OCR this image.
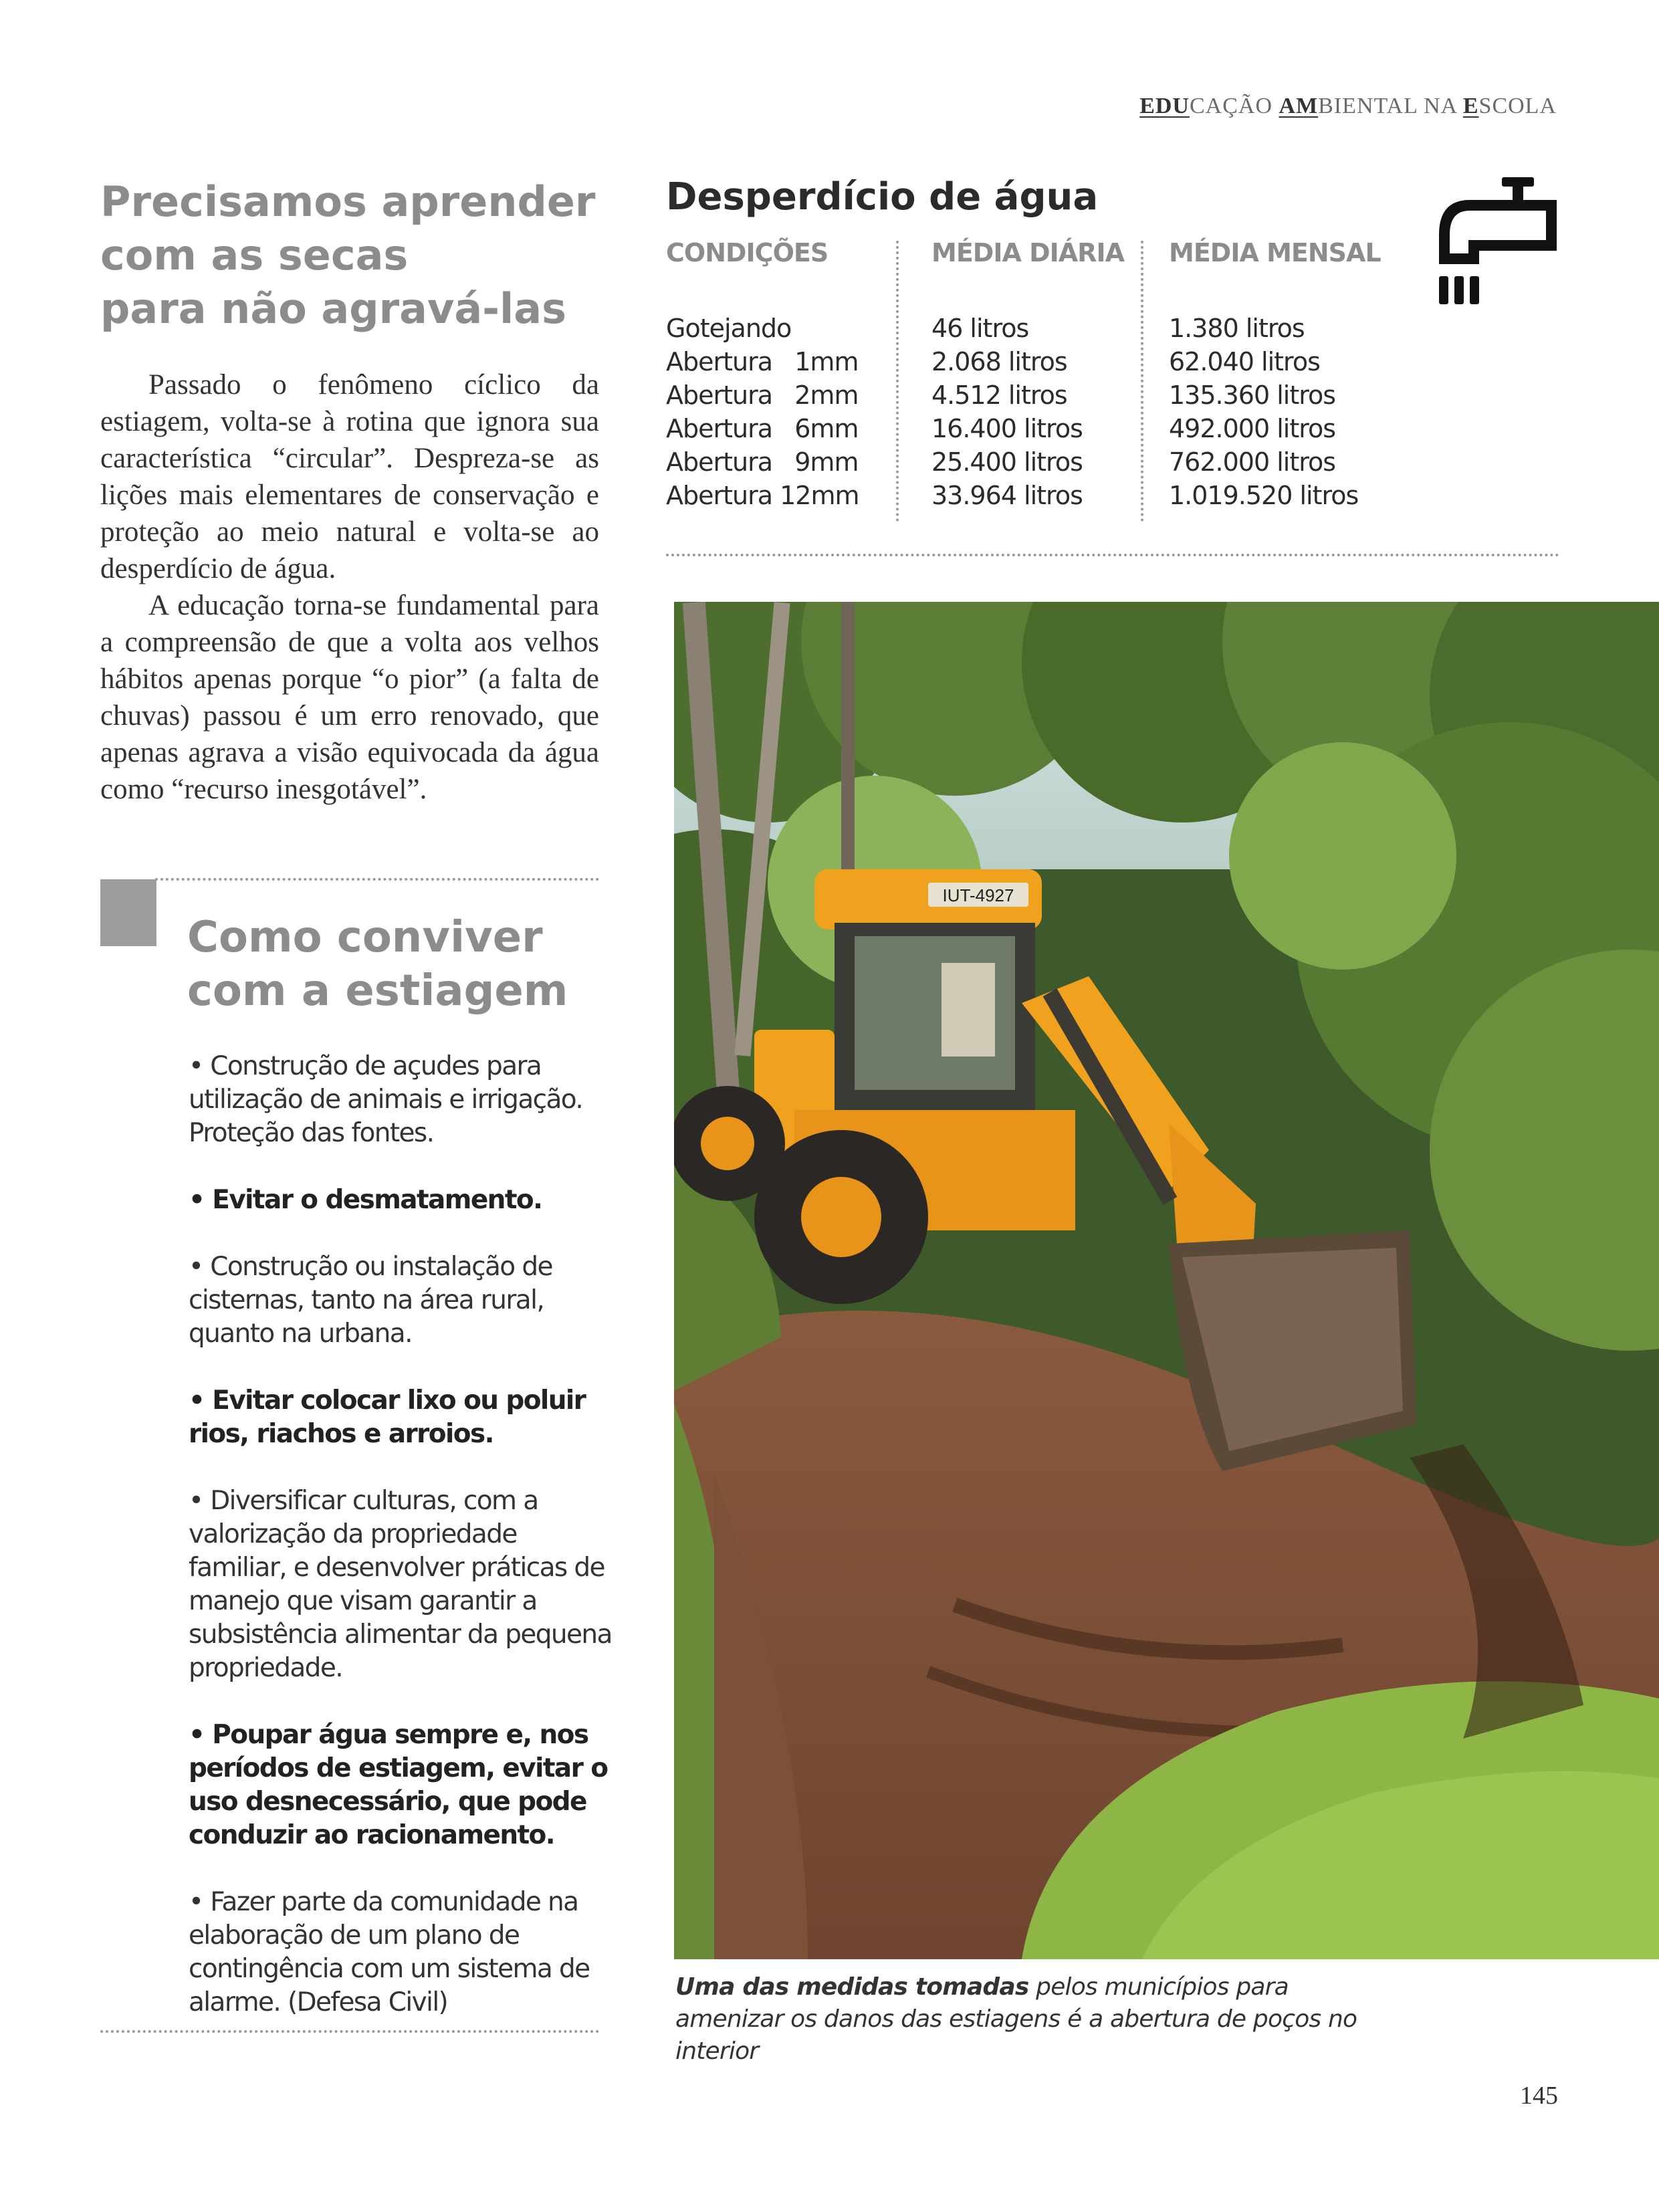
EDUCAÇÃO AMBIENTAL NA ESCOLA
Precisamos aprender
com as secas
para não agravá-las

Passado o fenômeno cíclico da estiagem, volta-se à rotina que ignora sua característica “circular”. Despreza-se as lições mais elementares de conservação e proteção ao meio natural e volta-se ao desperdício de água.

A educação torna-se fundamental para a compreensão de que a volta aos velhos hábitos apenas porque “o pior” (a falta de chuvas) passou é um erro renovado, que apenas agrava a visão equivocada da água como “recurso inesgotável”.

Como conviver
com a estiagem
• Construção de açudes para utilização de animais e irrigação. Proteção das fontes.
• Evitar o desmatamento.
• Construção ou instalação de cisternas, tanto na área rural, quanto na urbana.
• Evitar colocar lixo ou poluir rios, riachos e arroios.
• Diversificar culturas, com a valorização da propriedade familiar, e desenvolver práticas de manejo que visam garantir a subsistência alimentar da pequena propriedade.
• Poupar água sempre e, nos períodos de estiagem, evitar o uso desnecessário, que pode conduzir ao racionamento.
• Fazer parte da comunidade na elaboração de um plano de contingência com um sistema de alarme. (Defesa Civil)
Desperdício de água
CONDIÇÕES
Gotejando
Abertura   1mm
Abertura   2mm
Abertura   6mm
Abertura   9mm
Abertura 12mm
MÉDIA DIÁRIA
46 litros
2.068 litros
4.512 litros
16.400 litros
25.400 litros
33.964 litros
MÉDIA MENSAL
1.380 litros
62.040 litros
135.360 litros
492.000 litros
762.000 litros
1.019.520 litros
IUT-4927
Uma das medidas tomadas pelos municípios para amenizar os danos das estiagens é a abertura de poços no interior
145
